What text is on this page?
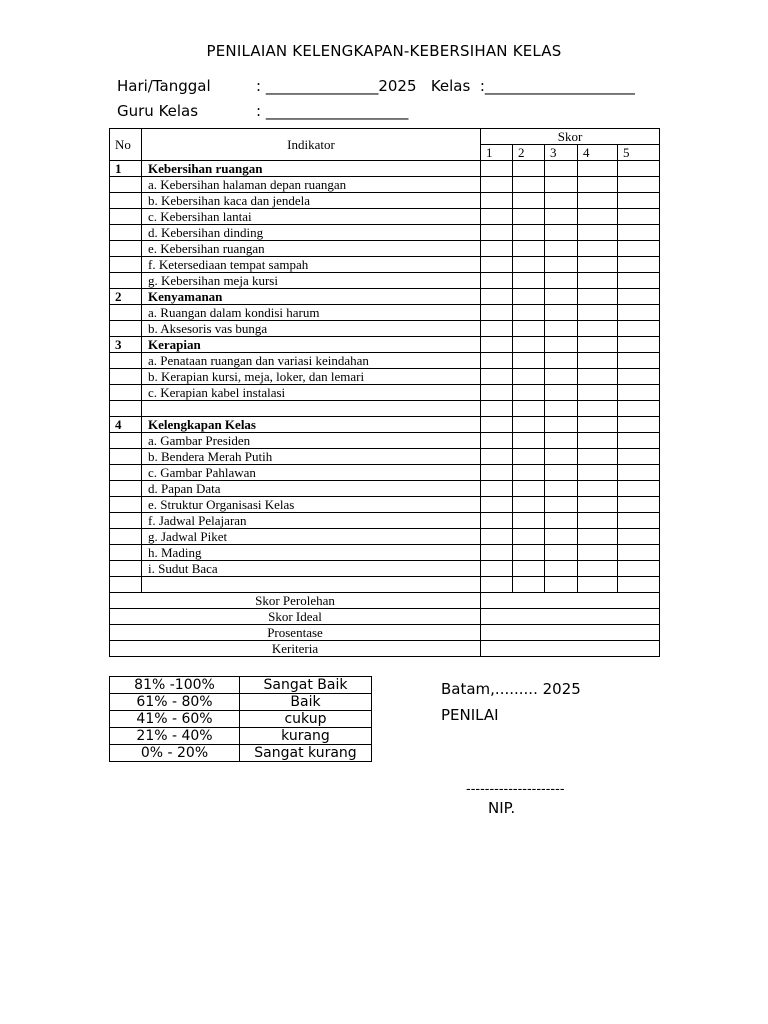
PENILAIAN KELENGKAPAN-KEBERSIHAN KELAS
Hari/Tanggal	: _______________2025 Kelas :____________________
Guru Kelas	: ___________________
No	Indikator	Skor				
		1	2	3	4	5
1	Kebersihan ruangan					
	a. Kebersihan halaman depan ruangan					
	b. Kebersihan kaca dan jendela					
	c. Kebersihan lantai					
	d. Kebersihan dinding					
	e. Kebersihan ruangan					
	f. Ketersediaan tempat sampah					
	g. Kebersihan meja kursi					
2	Kenyamanan					
	a. Ruangan dalam kondisi harum					
	b. Aksesoris vas bunga					
3	Kerapian					
	a. Penataan ruangan dan variasi keindahan					
	b. Kerapian kursi, meja, loker, dan lemari					
	c. Kerapian kabel instalasi					

4	Kelengkapan Kelas					
	a. Gambar Presiden					
	b. Bendera Merah Putih					
	c. Gambar Pahlawan					
	d. Papan Data					
	e. Struktur Organisasi Kelas					
	f. Jadwal Pelajaran					
	g. Jadwal Piket					
	h. Mading					
	i. Sudut Baca					

Skor Perolehan						
Skor Ideal						
Prosentase						
Keriteria						
81% -100%	Sangat Baik
61% - 80%	Baik
41% - 60%	cukup
21% - 40%	kurang
0% - 20%	Sangat kurang
Batam,......... 2025
PENILAI
---------------------
NIP.
